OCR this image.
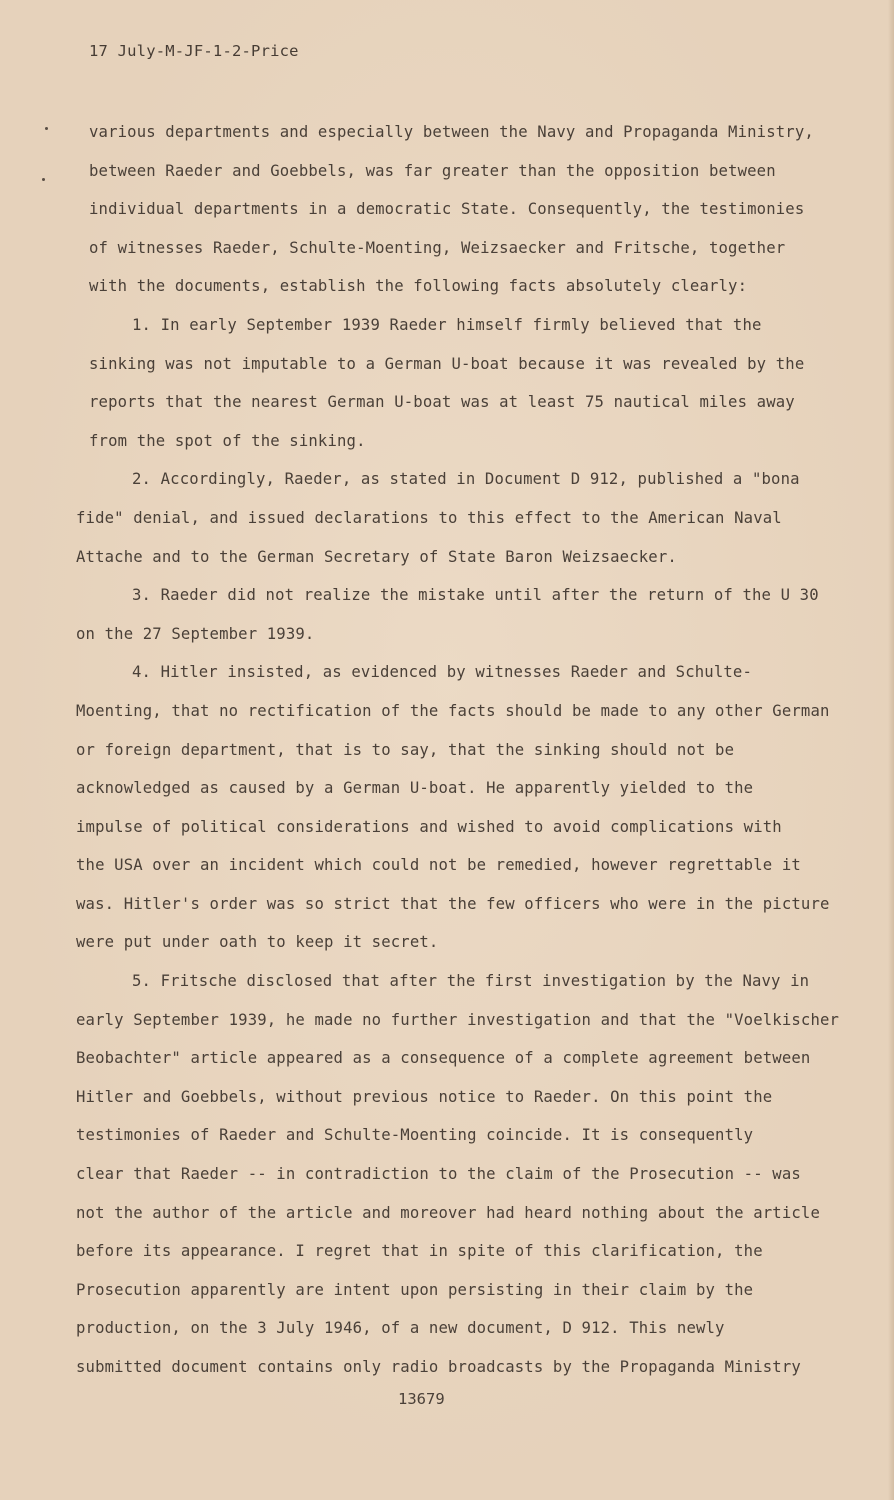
17 July-M-JF-1-2-Price
various departments and especially between the Navy and Propaganda Ministry,
between Raeder and Goebbels, was far greater than the opposition between
individual departments in a democratic State. Consequently, the testimonies
of witnesses Raeder, Schulte-Moenting, Weizsaecker and Fritsche, together
with the documents, establish the following facts absolutely clearly:
1. In early September 1939 Raeder himself firmly believed that the
sinking was not imputable to a German U-boat because it was revealed by the
reports that the nearest German U-boat was at least 75 nautical miles away
from the spot of the sinking.
2. Accordingly, Raeder, as stated in Document D 912, published a "bona
fide" denial, and issued declarations to this effect to the American Naval
Attache and to the German Secretary of State Baron Weizsaecker.
3. Raeder did not realize the mistake until after the return of the U 30
on the 27 September 1939.
4. Hitler insisted, as evidenced by witnesses Raeder and Schulte-
Moenting, that no rectification of the facts should be made to any other German
or foreign department, that is to say, that the sinking should not be
acknowledged as caused by a German U-boat. He apparently yielded to the
impulse of political considerations and wished to avoid complications with
the USA over an incident which could not be remedied, however regrettable it
was. Hitler's order was so strict that the few officers who were in the picture
were put under oath to keep it secret.
5. Fritsche disclosed that after the first investigation by the Navy in
early September 1939, he made no further investigation and that the "Voelkischer
Beobachter" article appeared as a consequence of a complete agreement between
Hitler and Goebbels, without previous notice to Raeder. On this point the
testimonies of Raeder and Schulte-Moenting coincide. It is consequently
clear that Raeder -- in contradiction to the claim of the Prosecution -- was
not the author of the article and moreover had heard nothing about the article
before its appearance. I regret that in spite of this clarification, the
Prosecution apparently are intent upon persisting in their claim by the
production, on the 3 July 1946, of a new document, D 912. This newly
submitted document contains only radio broadcasts by the Propaganda Ministry
13679
